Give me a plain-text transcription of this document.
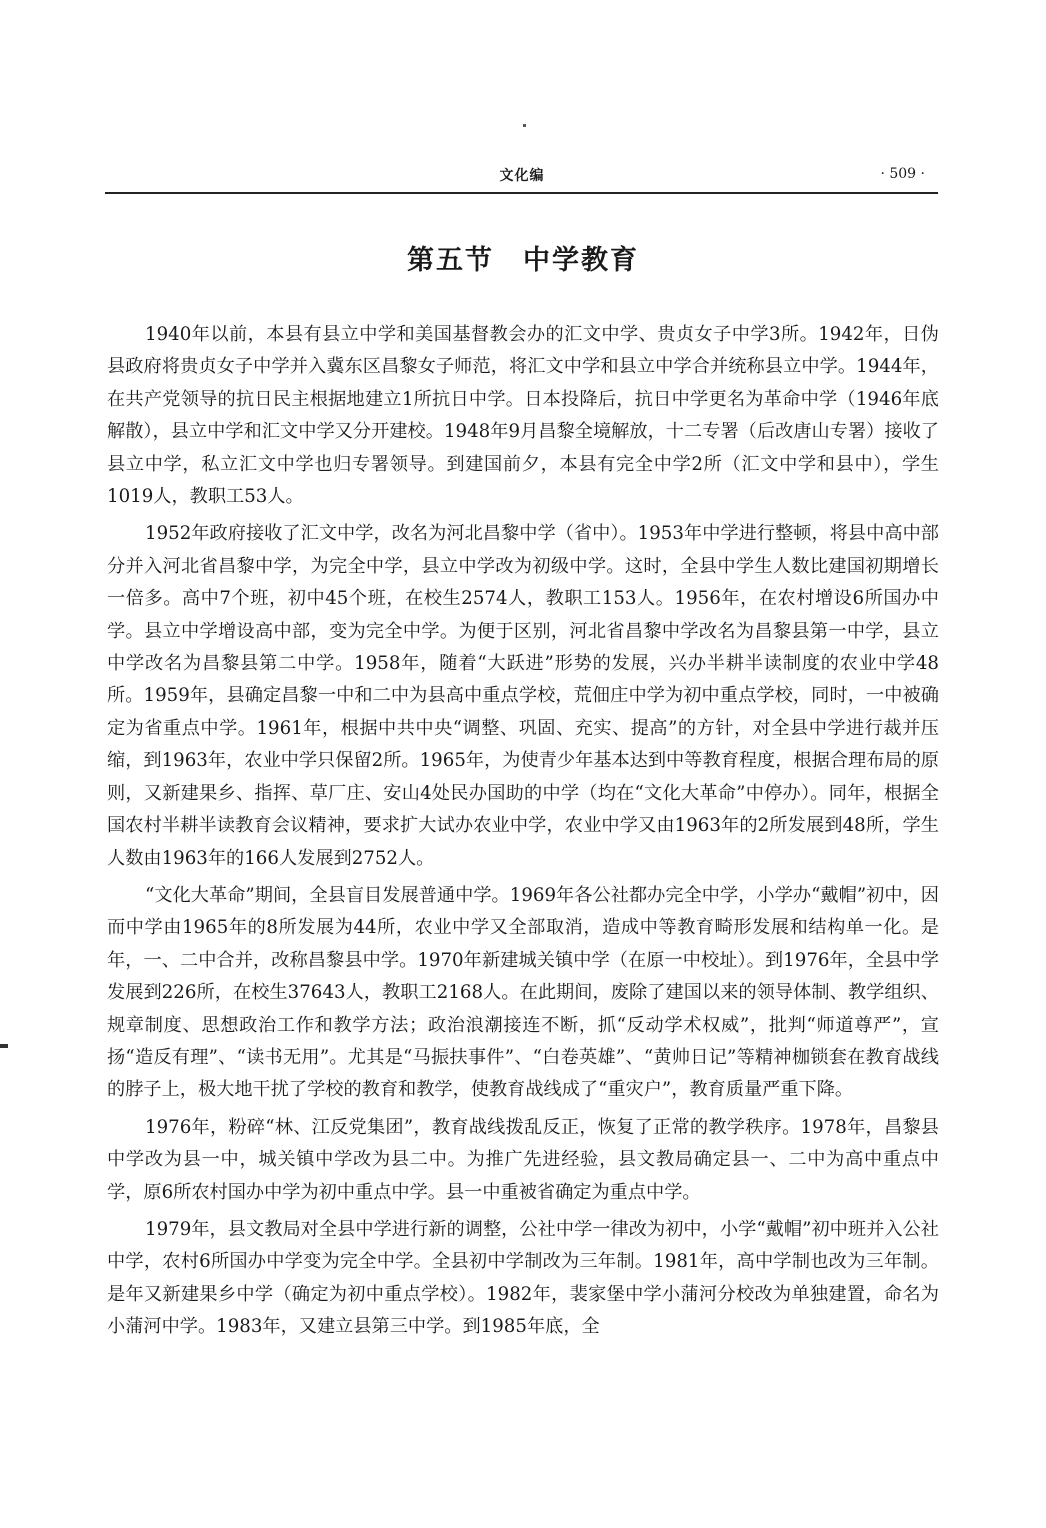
文化编	· 509 ·
第五节　中学教育

1940年以前，本县有县立中学和美国基督教会办的汇文中学、贵贞女子中学3所。1942年，日伪县政府将贵贞女子中学并入冀东区昌黎女子师范，将汇文中学和县立中学合并统称县立中学。1944年，在共产党领导的抗日民主根据地建立1所抗日中学。日本投降后，抗日中学更名为革命中学（1946年底解散），县立中学和汇文中学又分开建校。1948年9月昌黎全境解放，十二专署（后改唐山专署）接收了县立中学，私立汇文中学也归专署领导。到建国前夕，本县有完全中学2所（汇文中学和县中），学生1019人，教职工53人。

1952年政府接收了汇文中学，改名为河北昌黎中学（省中）。1953年中学进行整顿，将县中高中部分并入河北省昌黎中学，为完全中学，县立中学改为初级中学。这时，全县中学生人数比建国初期增长一倍多。高中7个班，初中45个班，在校生2574人，教职工153人。1956年，在农村增设6所国办中学。县立中学增设高中部，变为完全中学。为便于区别，河北省昌黎中学改名为昌黎县第一中学，县立中学改名为昌黎县第二中学。1958年，随着“大跃进”形势的发展，兴办半耕半读制度的农业中学48所。1959年，县确定昌黎一中和二中为县高中重点学校，荒佃庄中学为初中重点学校，同时，一中被确定为省重点中学。1961年，根据中共中央“调整、巩固、充实、提高”的方针，对全县中学进行裁并压缩，到1963年，农业中学只保留2所。1965年，为使青少年基本达到中等教育程度，根据合理布局的原则，又新建果乡、指挥、草厂庄、安山4处民办国助的中学（均在“文化大革命”中停办）。同年，根据全国农村半耕半读教育会议精神，要求扩大试办农业中学，农业中学又由1963年的2所发展到48所，学生人数由1963年的166人发展到2752人。

“文化大革命”期间，全县盲目发展普通中学。1969年各公社都办完全中学，小学办“戴帽”初中，因而中学由1965年的8所发展为44所，农业中学又全部取消，造成中等教育畸形发展和结构单一化。是年，一、二中合并，改称昌黎县中学。1970年新建城关镇中学（在原一中校址）。到1976年，全县中学发展到226所，在校生37643人，教职工2168人。在此期间，废除了建国以来的领导体制、教学组织、规章制度、思想政治工作和教学方法；政治浪潮接连不断，抓“反动学术权威”，批判“师道尊严”，宣扬“造反有理”、“读书无用”。尤其是“马振扶事件”、“白卷英雄”、“黄帅日记”等精神枷锁套在教育战线的脖子上，极大地干扰了学校的教育和教学，使教育战线成了“重灾户”，教育质量严重下降。

1976年，粉碎“林、江反党集团”，教育战线拨乱反正，恢复了正常的教学秩序。1978年，昌黎县中学改为县一中，城关镇中学改为县二中。为推广先进经验，县文教局确定县一、二中为高中重点中学，原6所农村国办中学为初中重点中学。县一中重被省确定为重点中学。

1979年，县文教局对全县中学进行新的调整，公社中学一律改为初中，小学“戴帽”初中班并入公社中学，农村6所国办中学变为完全中学。全县初中学制改为三年制。1981年，高中学制也改为三年制。是年又新建果乡中学（确定为初中重点学校）。1982年，裴家堡中学小蒲河分校改为单独建置，命名为小蒲河中学。1983年，又建立县第三中学。到1985年底，全
